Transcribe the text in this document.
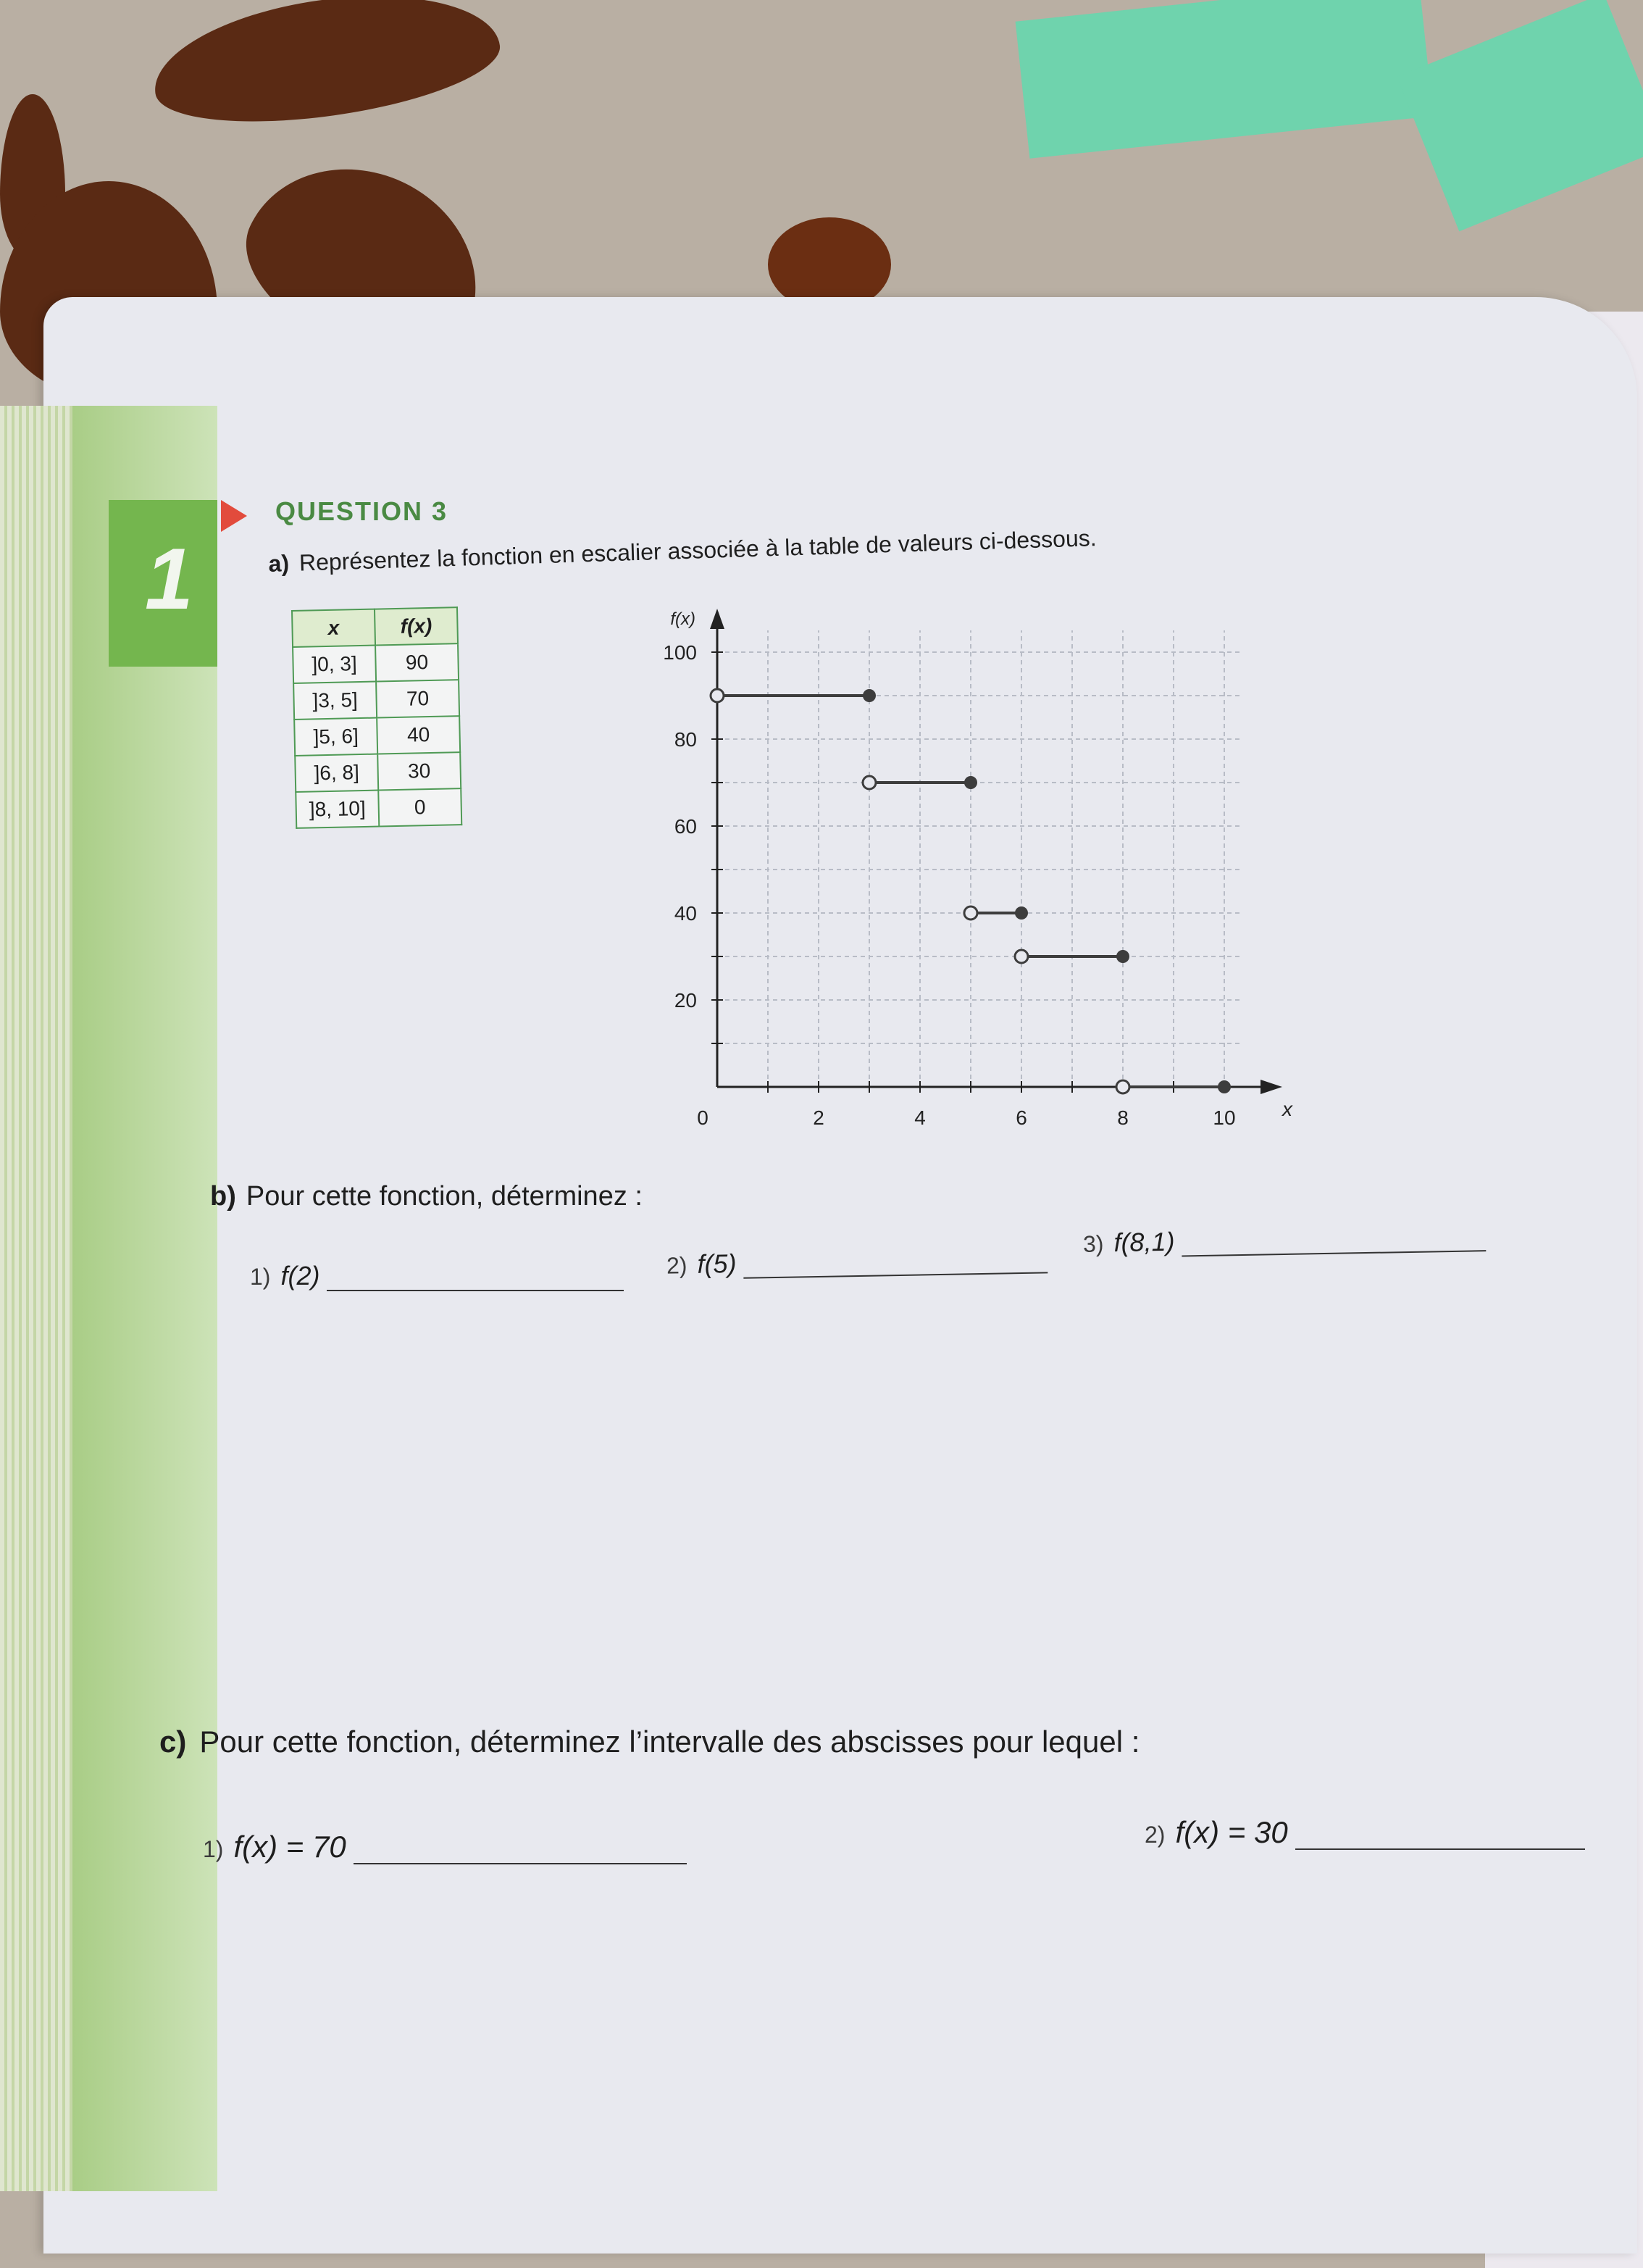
1
QUESTION 3
a) Représentez la fonction en escalier associée à la table de valeurs ci-dessous.
x	f(x)
]0, 3]	90
]3, 5]	70
]5, 6]	40
]6, 8]	30
]8, 10]	0
0	2	4	6	8	10
20
40
60
80
100
f(x)
x
b) Pour cette fonction, déterminez :
1) f(2)	2) f(5)
3) f(8,1)
c) Pour cette fonction, déterminez l’intervalle des abscisses pour lequel :
1) f(x) = 70	2) f(x) = 30
